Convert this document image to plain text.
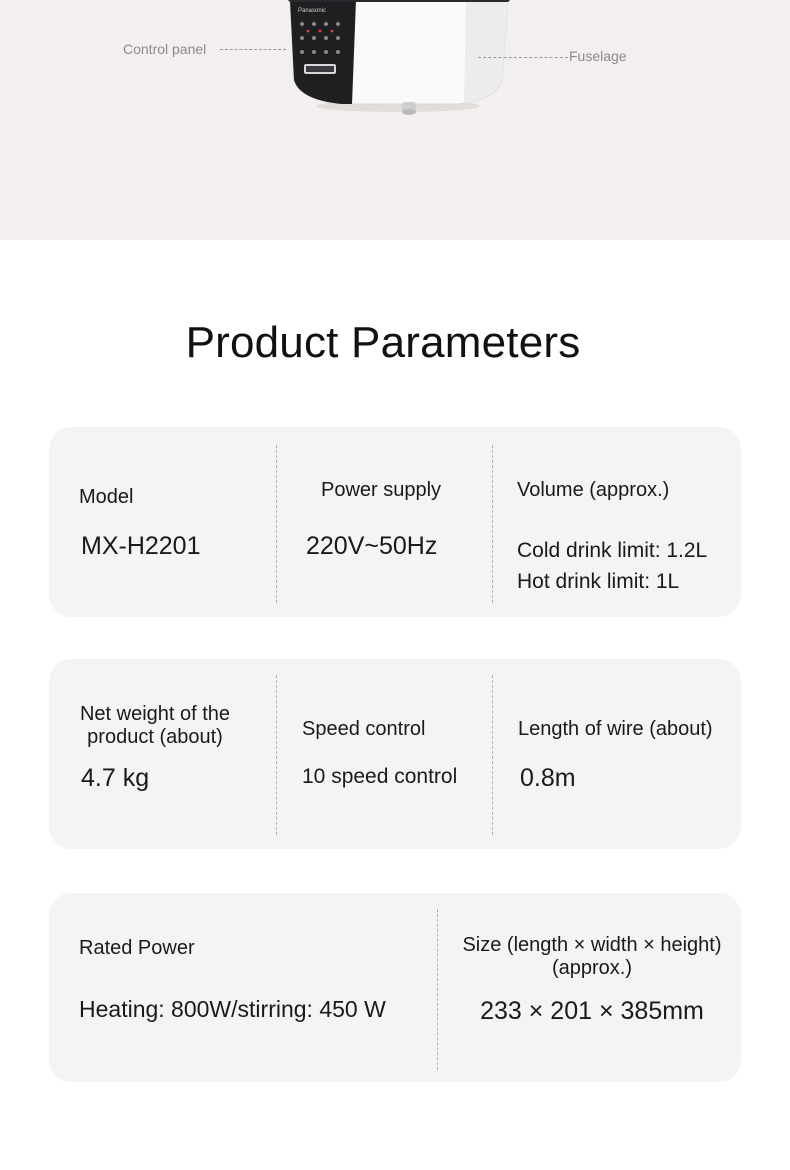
Panasonic
Control panel	Fuselage
Product Parameters
Model
MX-H2201
Power supply
220V~50Hz
Volume (approx.)
Cold drink limit: 1.2L
Hot drink limit: 1L
Net weight of the
product (about)
4.7 kg
Speed control
10 speed control
Length of wire (about)
0.8m
Rated Power
Heating: 800W/stirring: 450 W
Size (length × width × height)
(approx.)
233 × 201 × 385mm
